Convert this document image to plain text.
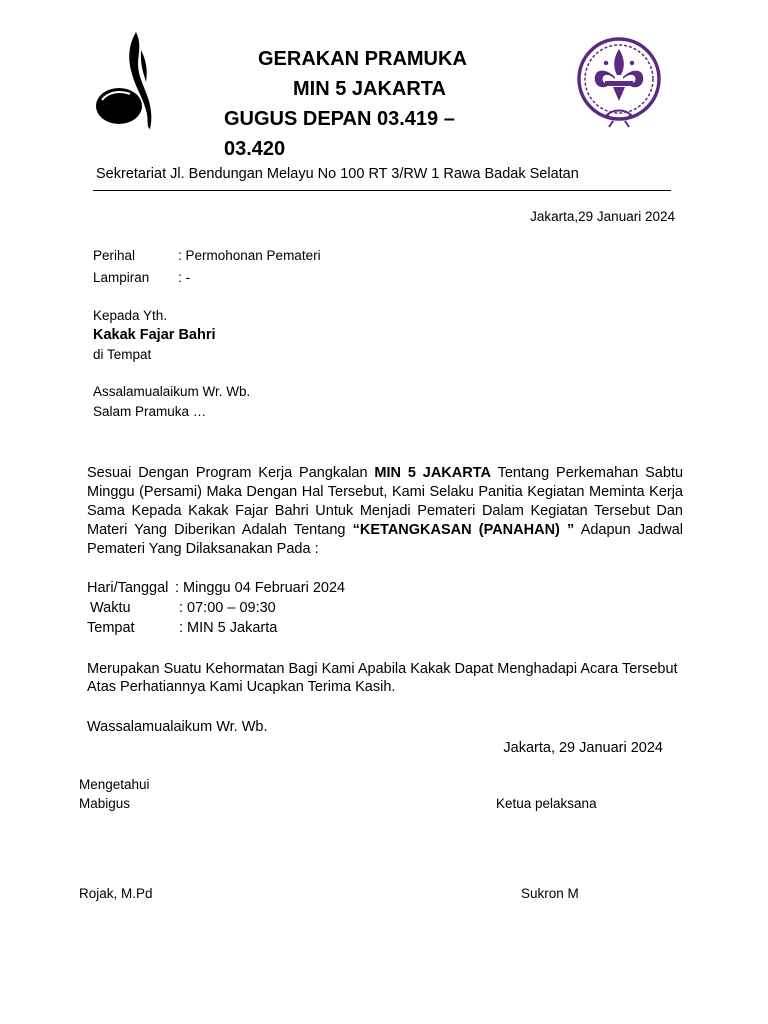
GERAKAN PRAMUKA
MIN 5 JAKARTA
GUGUS DEPAN 03.419 –
03.420
Sekretariat Jl. Bendungan Melayu No 100 RT 3/RW 1 Rawa Badak Selatan
Jakarta,29 Januari 2024
Perihal	: Permohonan Pemateri
Lampiran : -
Kepada Yth.
Kakak Fajar Bahri
di Tempat
Assalamualaikum Wr. Wb.
Salam Pramuka …
Sesuai Dengan Program Kerja Pangkalan MIN 5 JAKARTA Tentang Perkemahan Sabtu
Minggu (Persami) Maka Dengan Hal Tersebut, Kami Selaku Panitia Kegiatan Meminta Kerja
Sama Kepada Kakak Fajar Bahri Untuk Menjadi Pemateri Dalam Kegiatan Tersebut Dan
Materi Yang Diberikan Adalah Tentang “KETANGKASAN (PANAHAN) ” Adapun Jadwal
Pemateri Yang Dilaksanakan Pada :
Hari/Tanggal : Minggu 04 Februari 2024
Waktu	: 07:00 – 09:30
Tempat	: MIN 5 Jakarta
Merupakan Suatu Kehormatan Bagi Kami Apabila Kakak Dapat Menghadapi Acara Tersebut
Atas Perhatiannya Kami Ucapkan Terima Kasih.
Wassalamualaikum Wr. Wb.
Jakarta, 29 Januari 2024
Mengetahui
Mabigus	Ketua pelaksana
Rojak, M.Pd	Sukron M
